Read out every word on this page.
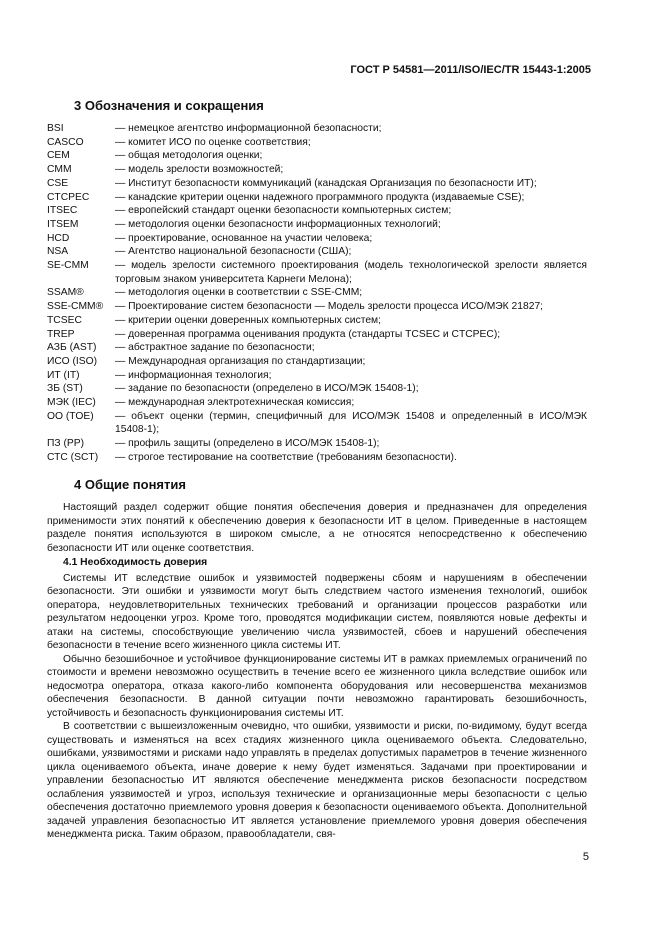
ГОСТ Р 54581—2011/ISO/IEC/TR 15443-1:2005
3 Обозначения и сокращения
BSI	— немецкое агентство информационной безопасности;
CASCO	— комитет ИСО по оценке соответствия;
CEM	— общая методология оценки;
CMM	— модель зрелости возможностей;
CSE	— Институт безопасности коммуникаций (канадская Организация по безопасности ИТ);
CTCPEC	— канадские критерии оценки надежного программного продукта (издаваемые CSE);
ITSEC	— европейский стандарт оценки безопасности компьютерных систем;
ITSEM	— методология оценки безопасности информационных технологий;
HCD	— проектирование, основанное на участии человека;
NSA	— Агентство национальной безопасности (США);
SE-CMM	— модель зрелости системного проектирования (модель технологической зрелости является торговым знаком университета Карнеги Мелона);
SSAM®	— методология оценки в соответствии с SSE-CMM;
SSE-CMM®	— Проектирование систем безопасности — Модель зрелости процесса ИСО/МЭК 21827;
TCSEC	— критерии оценки доверенных компьютерных систем;
TREP	— доверенная программа оценивания продукта (стандарты TCSEC и CTCPEC);
АЗБ (AST)	— абстрактное задание по безопасности;
ИСО (ISO)	— Международная организация по стандартизации;
ИТ (IT)	— информационная технология;
ЗБ (ST)	— задание по безопасности (определено в ИСО/МЭК 15408-1);
МЭК (IEC)	— международная электротехническая комиссия;
ОО (TOE)	— объект оценки (термин, специфичный для ИСО/МЭК 15408 и определенный в ИСО/МЭК 15408-1);
ПЗ (PP)	— профиль защиты (определено в ИСО/МЭК 15408-1);
СТС (SCT)	— строгое тестирование на соответствие (требованиям безопасности).
4 Общие понятия

Настоящий раздел содержит общие понятия обеспечения доверия и предназначен для определения применимости этих понятий к обеспечению доверия к безопасности ИТ в целом. Приведенные в настоящем разделе понятия используются в широком смысле, а не относятся непосредственно к обеспечению безопасности ИТ или оценке соответствия.

4.1 Необходимость доверия

Системы ИТ вследствие ошибок и уязвимостей подвержены сбоям и нарушениям в обеспечении безопасности. Эти ошибки и уязвимости могут быть следствием частого изменения технологий, ошибок оператора, неудовлетворительных технических требований и организации процессов разработки или результатом недооценки угроз. Кроме того, проводятся модификации систем, появляются новые дефекты и атаки на системы, способствующие увеличению числа уязвимостей, сбоев и нарушений обеспечения безопасности в течение всего жизненного цикла системы ИТ.

Обычно безошибочное и устойчивое функционирование системы ИТ в рамках приемлемых ограничений по стоимости и времени невозможно осуществить в течение всего ее жизненного цикла вследствие ошибок или недосмотра оператора, отказа какого-либо компонента оборудования или несовершенства механизмов обеспечения безопасности. В данной ситуации почти невозможно гарантировать безошибочность, устойчивость и безопасность функционирования системы ИТ.

В соответствии с вышеизложенным очевидно, что ошибки, уязвимости и риски, по-видимому, будут всегда существовать и изменяться на всех стадиях жизненного цикла оцениваемого объекта. Следовательно, ошибками, уязвимостями и рисками надо управлять в пределах допустимых параметров в течение жизненного цикла оцениваемого объекта, иначе доверие к нему будет изменяться. Задачами при проектировании и управлении безопасностью ИТ являются обеспечение менеджмента рисков безопасности посредством ослабления уязвимостей и угроз, используя технические и организационные меры безопасности с целью обеспечения достаточно приемлемого уровня доверия к безопасности оцениваемого объекта. Дополнительной задачей управления безопасностью ИТ является установление приемлемого уровня доверия обеспечения менеджмента риска. Таким образом, правообладатели, свя-

5
